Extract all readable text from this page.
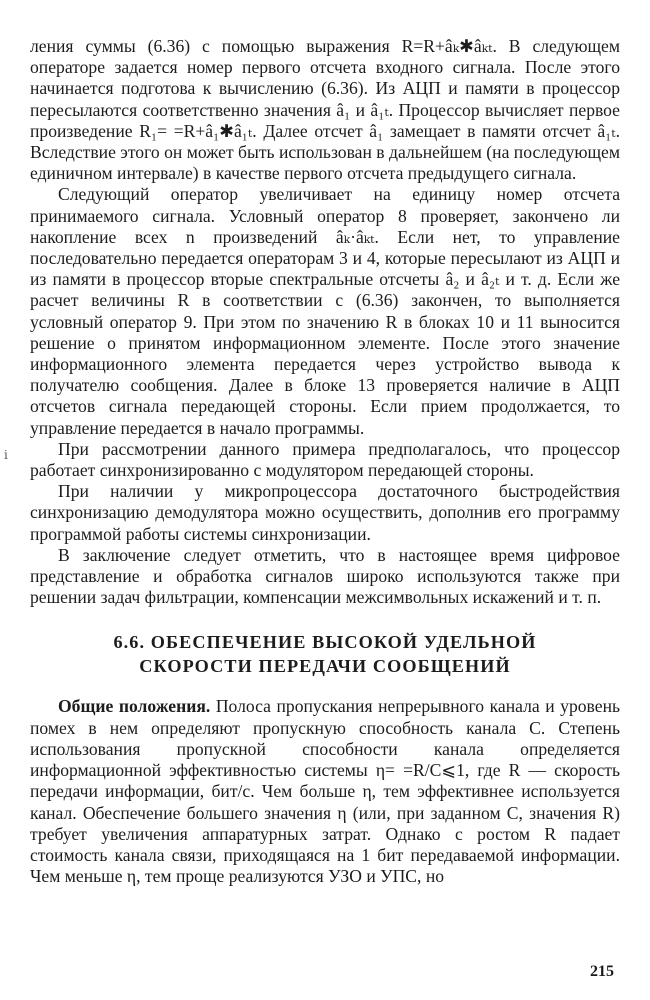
ⅰ

ления суммы (6.36) с помощью выражения R=R+âₖ✱âₖₜ. В следующем операторе задается номер первого отсчета входного сигнала. После этого начинается подготова к вычислению (6.36). Из АЦП и памяти в процессор пересылаются соответственно значения â₁ и â₁ₜ. Процессор вычисляет первое произведение R₁= =R+â₁✱â₁ₜ. Далее отсчет â₁ замещает в памяти отсчет â₁ₜ. Вследствие этого он может быть использован в дальнейшем (на последующем единичном интервале) в качестве первого отсчета предыдущего сигнала.

Следующий оператор увеличивает на единицу номер отсчета принимаемого сигнала. Условный оператор 8 проверяет, закончено ли накопление всех n произведений âₖ·âₖₜ. Если нет, то управление последовательно передается операторам 3 и 4, которые пересылают из АЦП и из памяти в процессор вторые спектральные отсчеты â₂ и â₂ₜ и т. д. Если же расчет величины R в соответствии с (6.36) закончен, то выполняется условный оператор 9. При этом по значению R в блоках 10 и 11 выносится решение о принятом информационном элементе. После этого значение информационного элемента передается через устройство вывода к получателю сообщения. Далее в блоке 13 проверяется наличие в АЦП отсчетов сигнала передающей стороны. Если прием продолжается, то управление передается в начало программы.

При рассмотрении данного примера предполагалось, что процессор работает синхронизированно с модулятором передающей стороны.

При наличии у микропроцессора достаточного быстродействия синхронизацию демодулятора можно осуществить, дополнив его программу программой работы системы синхронизации.

В заключение следует отметить, что в настоящее время цифровое представление и обработка сигналов широко используются также при решении задач фильтрации, компенсации межсимвольных искажений и т. п.

6.6. ОБЕСПЕЧЕНИЕ ВЫСОКОЙ УДЕЛЬНОЙ
СКОРОСТИ ПЕРЕДАЧИ СООБЩЕНИЙ

Общие положения. Полоса пропускания непрерывного канала и уровень помех в нем определяют пропускную способность канала C. Степень использования пропускной способности канала определяется информационной эффективностью системы η= =R/C⩽1, где R — скорость передачи информации, бит/с. Чем больше η, тем эффективнее используется канал. Обеспечение большего значения η (или, при заданном C, значения R) требует увеличения аппаратурных затрат. Однако с ростом R падает стоимость канала связи, приходящаяся на 1 бит передаваемой информации. Чем меньше η, тем проще реализуются УЗО и УПС, но

215
